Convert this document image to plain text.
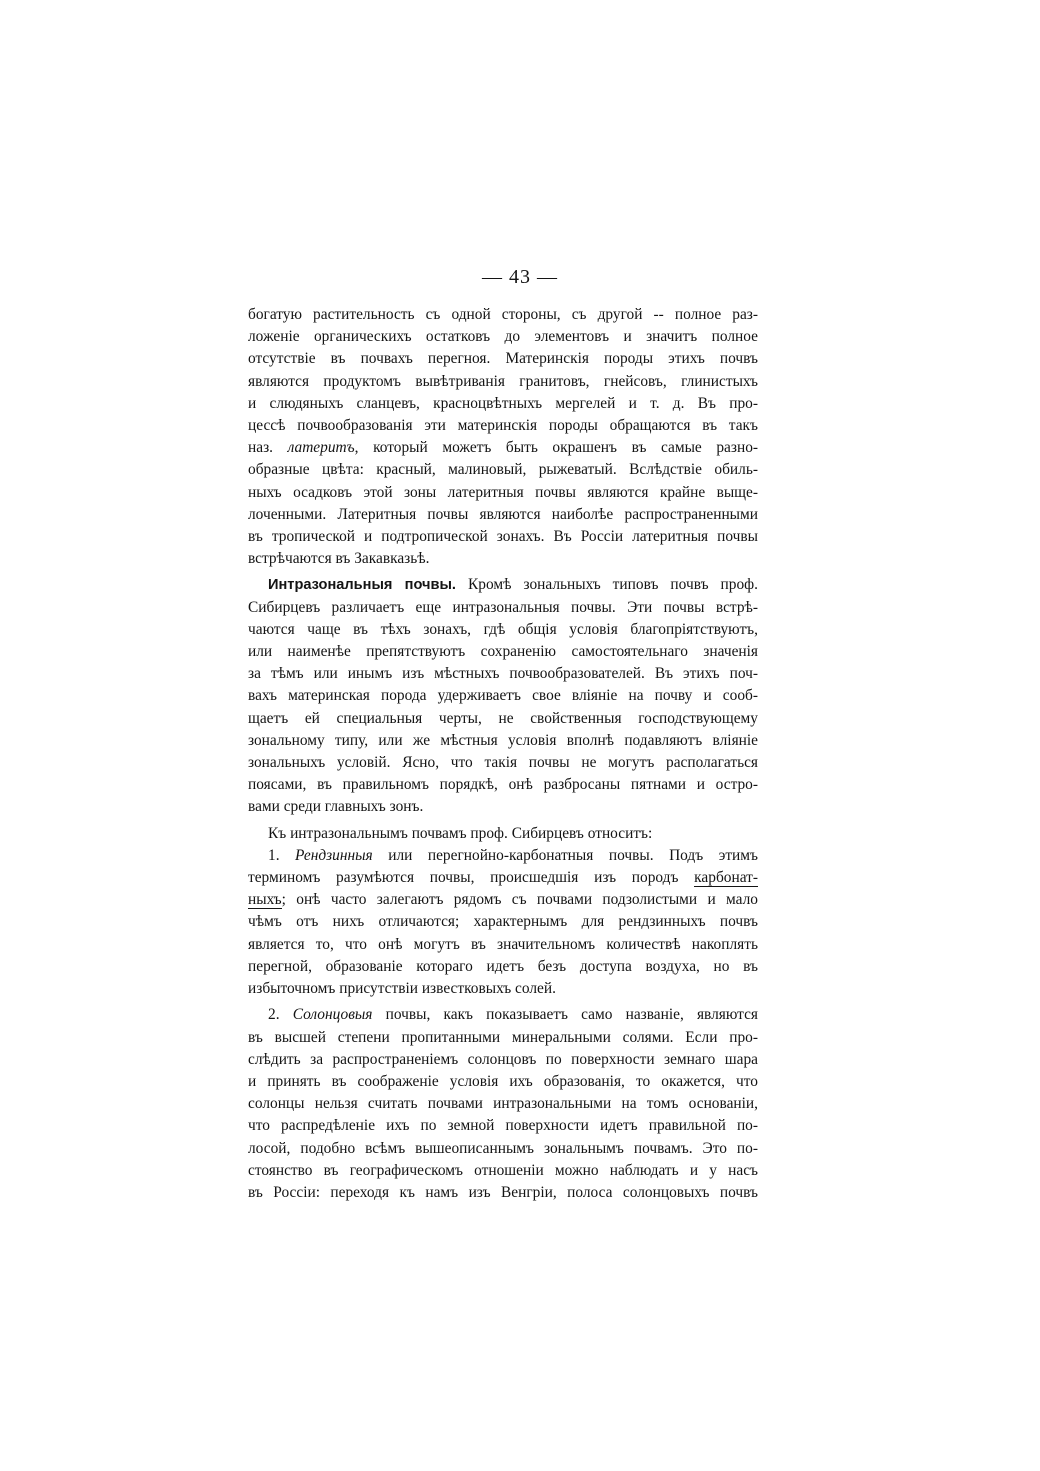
— 43 —
богатую растительность съ одной стороны, съ другой -- полное раз-
ложеніе органическихъ остатковъ до элементовъ и значитъ полное
отсутствіе въ почвахъ перегноя. Материнскія породы этихъ почвъ
являются продуктомъ вывѣтриванія гранитовъ, гнейсовъ, глинистыхъ
и слюдяныхъ сланцевъ, красноцвѣтныхъ мергелей и т. д. Въ про-
цессѣ почвообразованія эти материнскія породы обращаются въ такъ
наз. латеритъ, который можетъ быть окрашенъ въ самые разно-
образные цвѣта: красный, малиновый, рыжеватый. Вслѣдствіе обиль-
ныхъ осадковъ этой зоны латеритныя почвы являются крайне выщe-
лоченными. Латеритныя почвы являются наиболѣе распространенными
въ тропической и подтропической зонахъ. Въ Россіи латеритныя почвы
встрѣчаются въ Закавказьѣ.
Интразональныя почвы. Кромѣ зональныхъ типовъ почвъ проф.
Сибирцевъ различаетъ еще интразональныя почвы. Эти почвы встрѣ-
чаются чаще въ тѣхъ зонахъ, гдѣ общія условія благопріятствуютъ,
или наименѣе препятствуютъ сохраненію самостоятельнаго значенія
за тѣмъ или инымъ изъ мѣстныхъ почвообразователей. Въ этихъ поч-
вахъ материнская порода удерживаетъ свое вліяніе на почву и сооб-
щаетъ ей специальныя черты, не свойственныя господствующему
зональному типу, или же мѣстныя условія вполнѣ подавляютъ вліяніе
зональныхъ условій. Ясно, что такія почвы не могутъ располагаться
поясами, въ правильномъ порядкѣ, онѣ разбросаны пятнами и остро-
вами среди главныхъ зонъ.
Къ интразональнымъ почвамъ проф. Сибирцевъ относитъ:
1. Рендзинныя или перегнойно-карбонатныя почвы. Подъ этимъ
терминомъ разумѣются почвы, происшедшія изъ породъ карбонат-
ныхъ; онѣ часто залегаютъ рядомъ съ почвами подзолистыми и мало
чѣмъ отъ нихъ отличаются; характернымъ для рендзинныхъ почвъ
является то, что онѣ могутъ въ значительномъ количествѣ накоплять
перегной, образованіе котораго идетъ безъ доступа воздуха, но въ
избыточномъ присутствіи известковыхъ солей.
2. Солонцовыя почвы, какъ показываетъ само названіе, являются
въ высшей степени пропитанными минеральными солями. Если про-
слѣдить за распространеніемъ солонцовъ по поверхности земнаго шара
и принять въ соображеніе условія ихъ образованія, то окажется, что
солонцы нельзя считать почвами интразональными на томъ основаніи,
что распредѣленіе ихъ по земной поверхности идетъ правильной по-
лосой, подобно всѣмъ вышеописаннымъ зональнымъ почвамъ. Это по-
стоянство въ географическомъ отношеніи можно наблюдать и у насъ
въ Россіи: переходя къ намъ изъ Венгріи, полоса солонцовыхъ почвъ
